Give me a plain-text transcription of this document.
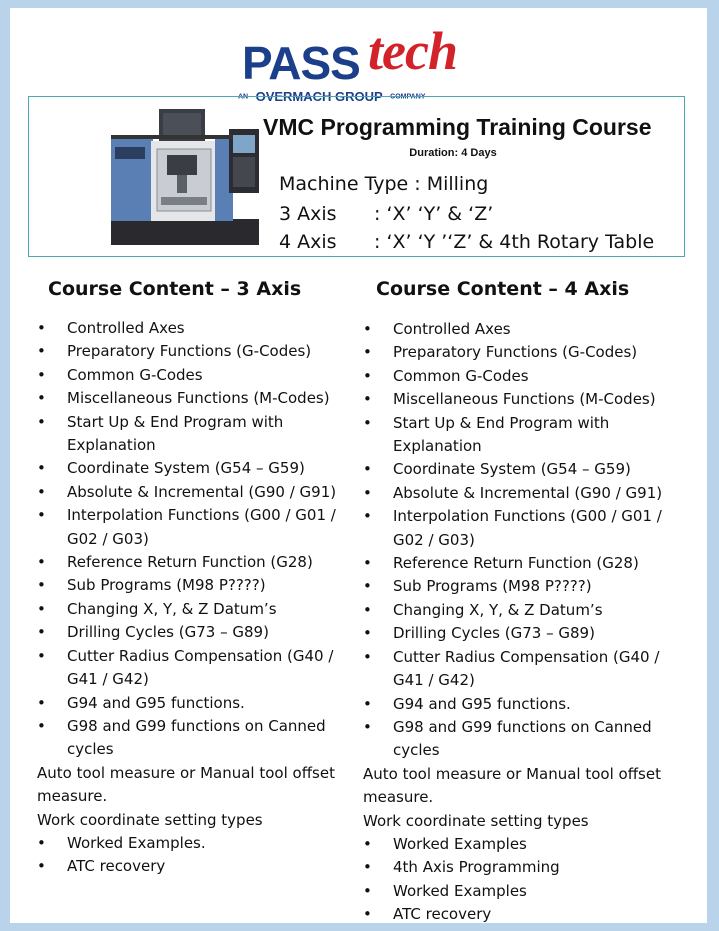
PASS tech
AN OVERMACH GROUP COMPANY
VMC Programming Training Course
Duration: 4 Days
Machine Type : Milling
3 Axis : ‘X’ ‘Y’ & ‘Z’
4 Axis : ‘X’ ‘Y ’‘Z’ & 4th Rotary Table
Course Content – 3 Axis	Course Content – 4 Axis
• Controlled Axes
• Preparatory Functions (G-Codes)
• Common G-Codes
• Miscellaneous Functions (M-Codes)
• Start Up & End Program with Explanation
• Coordinate System (G54 – G59)
• Absolute & Incremental (G90 / G91)
• Interpolation Functions (G00 / G01 / G02 / G03)
• Reference Return Function (G28)
• Sub Programs (M98 P????)
• Changing X, Y, & Z Datum’s
• Drilling Cycles (G73 – G89)
• Cutter Radius Compensation (G40 / G41 / G42)
• G94 and G95 functions.
• G98 and G99 functions on Canned cycles

Auto tool measure or Manual tool offset measure.

Work coordinate setting types

• Worked Examples.
• ATC recovery
• Controlled Axes
• Preparatory Functions (G-Codes)
• Common G-Codes
• Miscellaneous Functions (M-Codes)
• Start Up & End Program with Explanation
• Coordinate System (G54 – G59)
• Absolute & Incremental (G90 / G91)
• Interpolation Functions (G00 / G01 / G02 / G03)
• Reference Return Function (G28)
• Sub Programs (M98 P????)
• Changing X, Y, & Z Datum’s
• Drilling Cycles (G73 – G89)
• Cutter Radius Compensation (G40 / G41 / G42)
• G94 and G95 functions.
• G98 and G99 functions on Canned cycles

Auto tool measure or Manual tool offset measure.

Work coordinate setting types

• Worked Examples
• 4th Axis Programming
• Worked Examples
• ATC recovery
